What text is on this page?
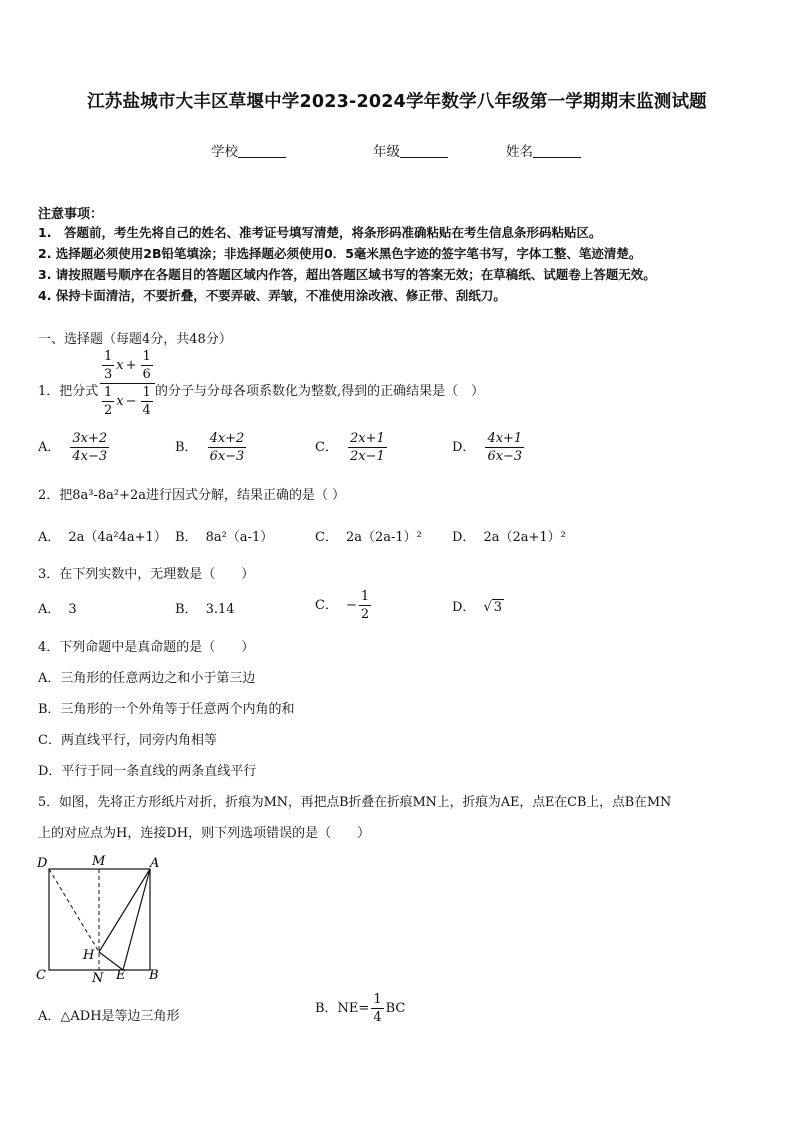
江苏盐城市大丰区草堰中学2023-2024学年数学八年级第一学期期末监测试题
学校	年级	姓名
注意事项：
1.　答题前，考生先将自己的姓名、准考证号填写清楚，将条形码准确粘贴在考生信息条形码粘贴区。
2. 选择题必须使用2B铅笔填涂；非选择题必须使用0．5毫米黑色字迹的签字笔书写，字体工整、笔迹清楚。
3. 请按照题号顺序在各题目的答题区域内作答，超出答题区域书写的答案无效；在草稿纸、试题卷上答题无效。
4. 保持卡面清洁，不要折叠，不要弄破、弄皱，不准使用涂改液、修正带、刮纸刀。
一、选择题（每题4分，共48分）
1．把分式
$\frac{1}{3}$ $x + \frac{1}{6}$
$\frac{1}{2}$ $x - \frac{1}{4}$ 的分子与分母各项系数化为整数,得到的正确结果是（　）
A． $\frac{3x+2}{4x-3}$	B． $\frac{4x+2}{6x-3}$	C． $\frac{2x+1}{2x-1}$	D． $\frac{4x+1}{6x-3}$
2．把8a³-8a²+2a进行因式分解，结果正确的是（ ）
A． 2a（4a²4a+1） B． 8a²（a-1）	C． 2a（2a-1）² D． 2a（2a+1）²
3．在下列实数中，无理数是（　　）
A． 3	B． 3.14	C． − $\frac{1}{2}$	D． √ 3
4．下列命题中是真命题的是（　　）
A．三角形的任意两边之和小于第三边
B．三角形的一个外角等于任意两个内角的和
C．两直线平行，同旁内角相等
D．平行于同一条直线的两条直线平行
5．如图，先将正方形纸片对折，折痕为MN，再把点B折叠在折痕MN上，折痕为AE，点E在CB上，点B在MN
上的对应点为H，连接DH，则下列选项错误的是（　　）
D	M	A
H
C	N E B
A．△ADH是等边三角形
B．$NE= \frac{1}{4}$ BC
